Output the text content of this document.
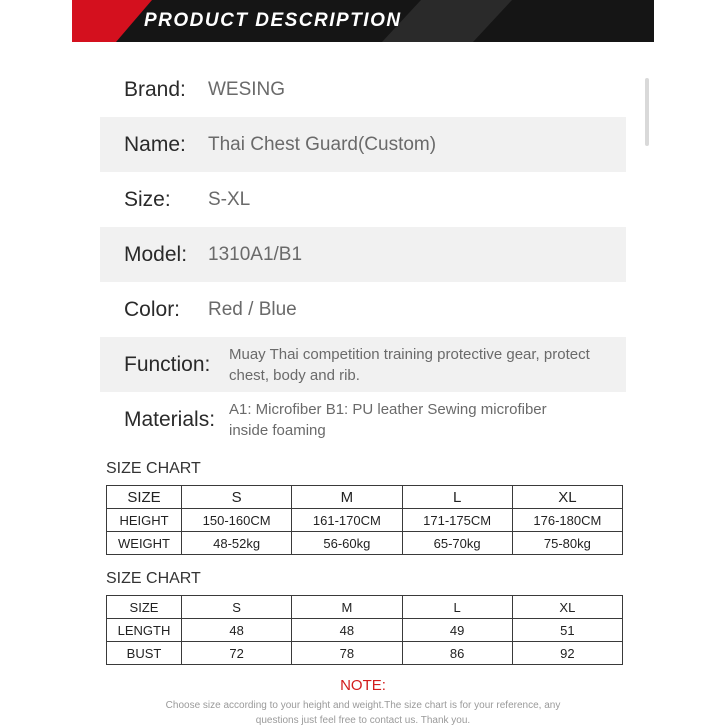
PRODUCT DESCRIPTION
Brand: WESING
Name: Thai Chest Guard(Custom)
Size: S-XL
Model: 1310A1/B1
Color: Red / Blue
Function: Muay Thai competition training protective gear, protect chest, body and rib.
Materials: A1: Microfiber B1: PU leather Sewing microfiber inside foaming
SIZE CHART
SIZE	S	M	L	XL
HEIGHT	150-160CM	161-170CM	171-175CM	176-180CM
WEIGHT	48-52kg	56-60kg	65-70kg	75-80kg
SIZE CHART
SIZE	S	M	L	XL
LENGTH	48	48	49	51
BUST	72	78	86	92
NOTE:
Choose size according to your height and weight.The size chart is for your reference, any questions just feel free to contact us. Thank you.
